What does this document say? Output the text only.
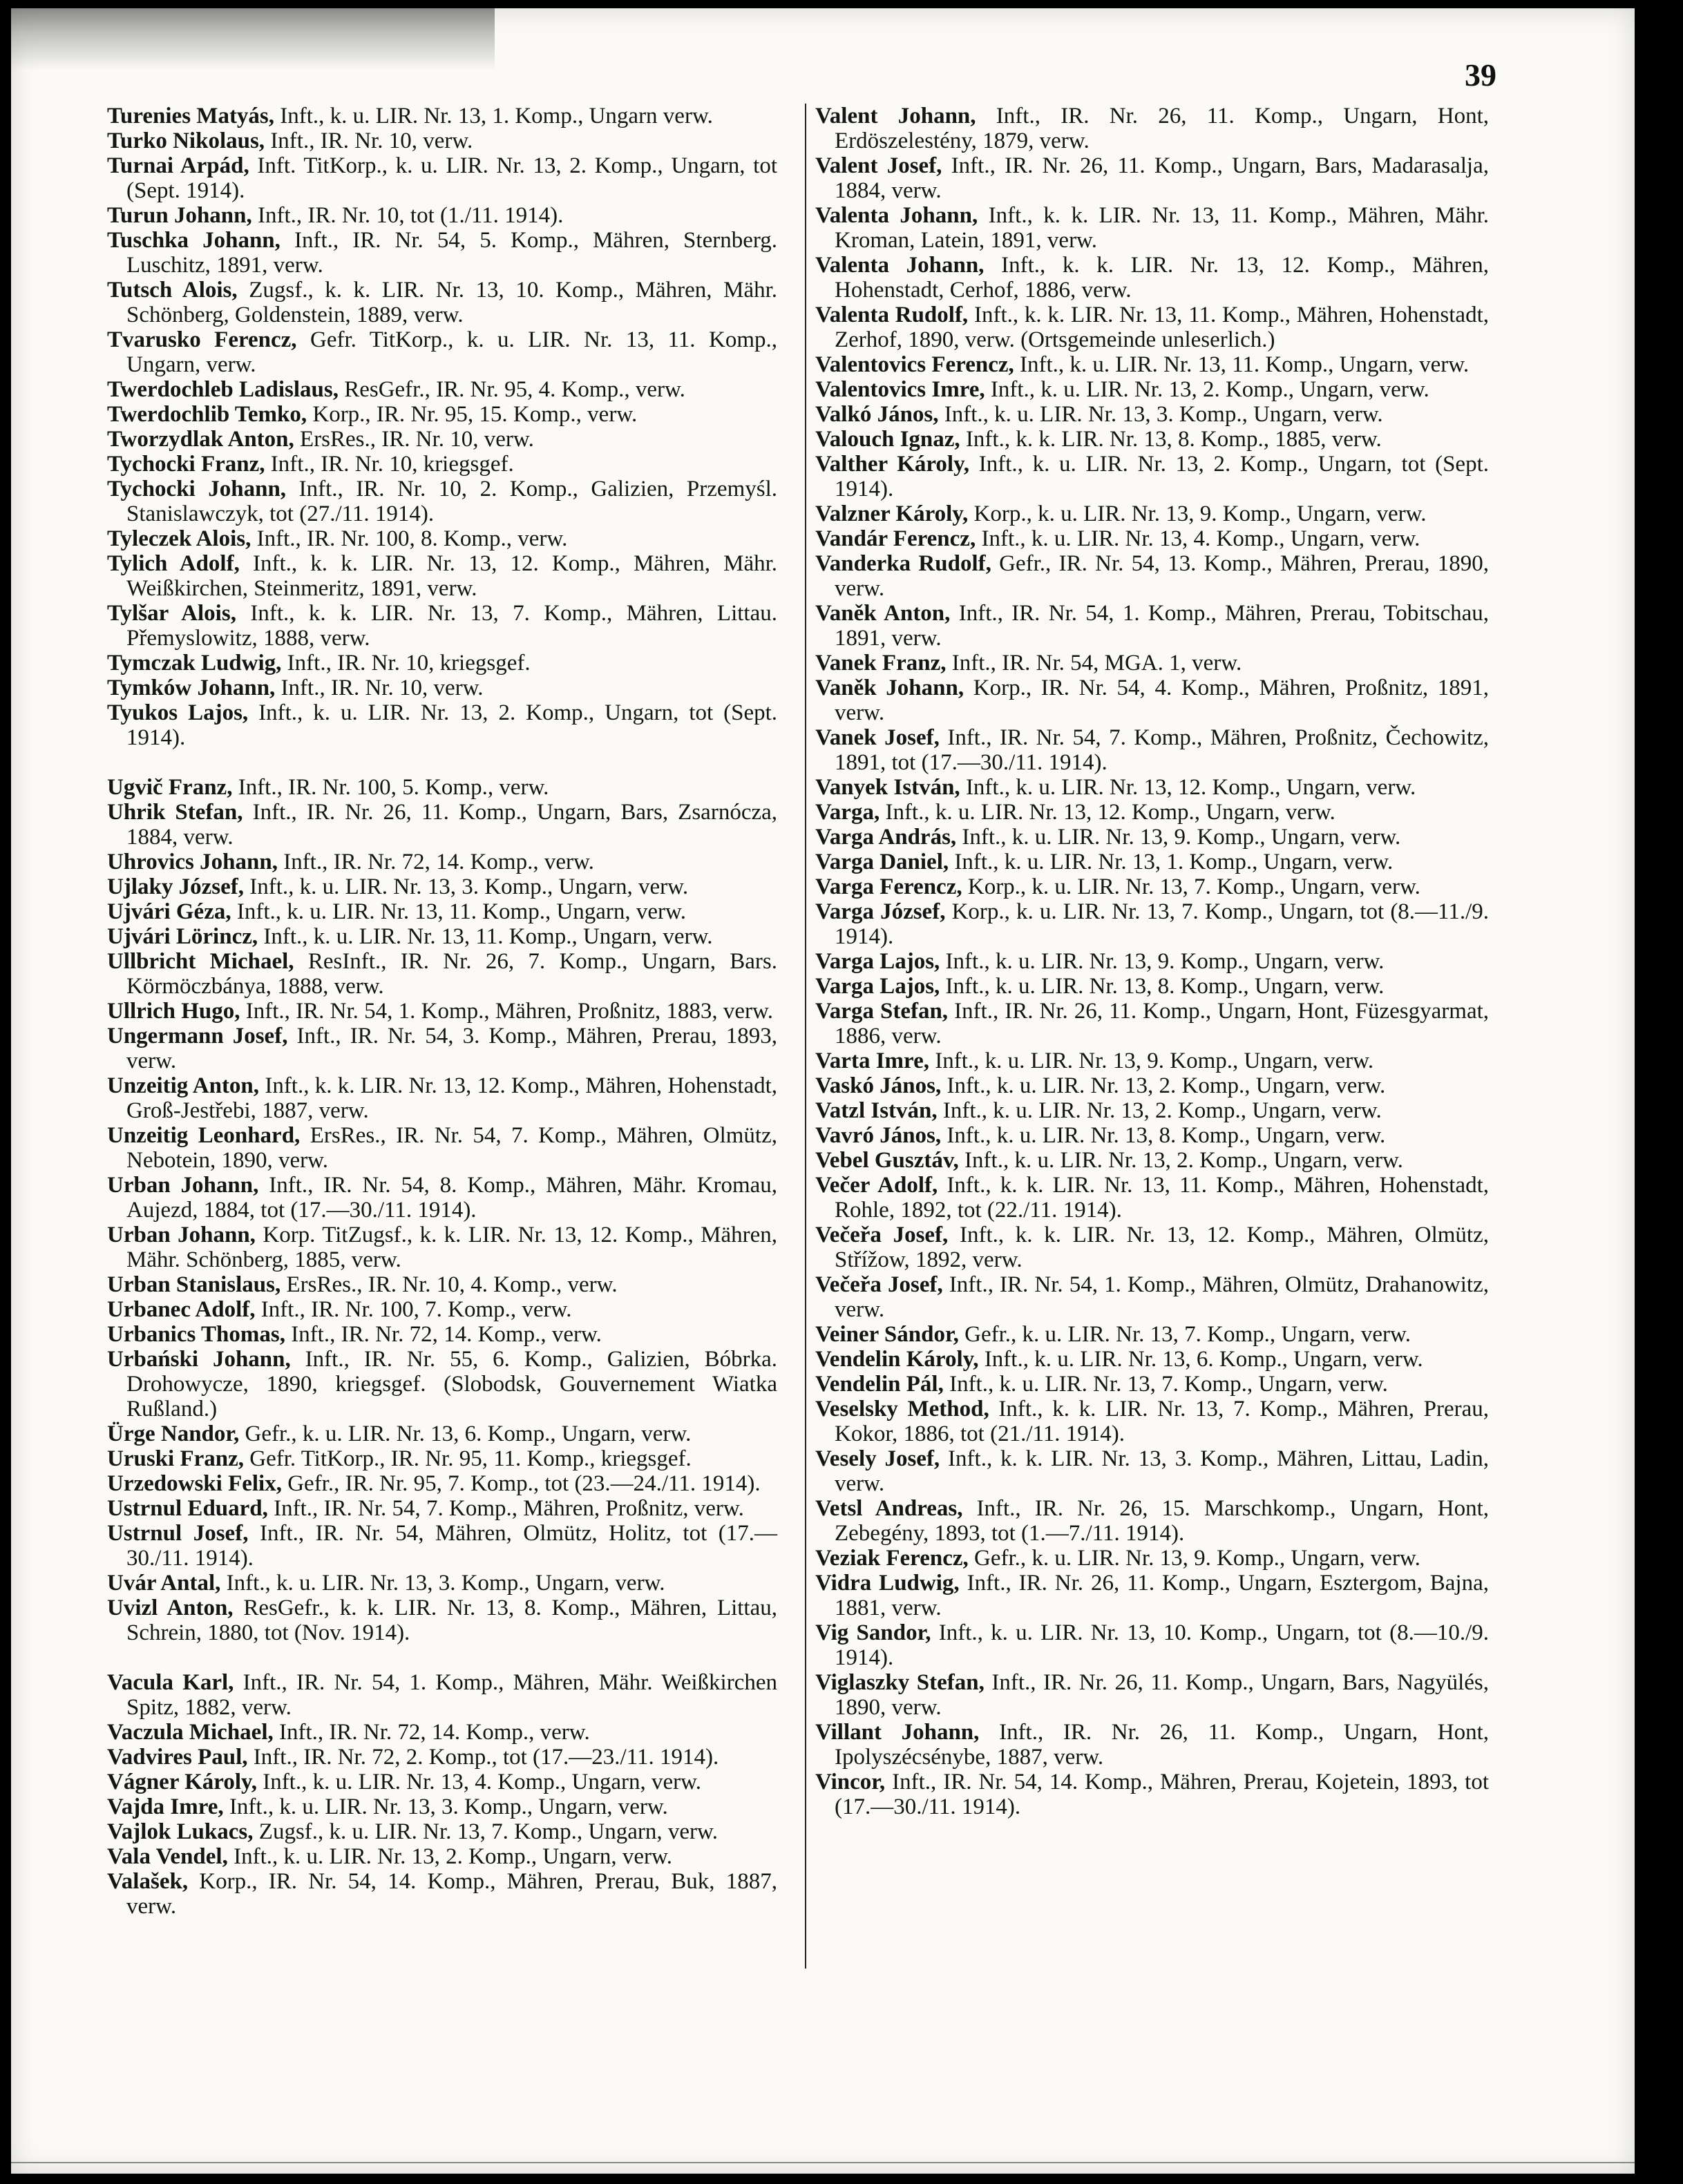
39

Turenies Matyás, Inft., k. u. LIR. Nr. 13, 1. Komp., Ungarn verw.

Turko Nikolaus, Inft., IR. Nr. 10, verw.

Turnai Arpád, Inft. TitKorp., k. u. LIR. Nr. 13, 2. Komp., Ungarn, tot (Sept. 1914).

Turun Johann, Inft., IR. Nr. 10, tot (1./11. 1914).

Tuschka Johann, Inft., IR. Nr. 54, 5. Komp., Mähren, Sternberg. Luschitz, 1891, verw.

Tutsch Alois, Zugsf., k. k. LIR. Nr. 13, 10. Komp., Mähren, Mähr. Schönberg, Goldenstein, 1889, verw.

Tvarusko Ferencz, Gefr. TitKorp., k. u. LIR. Nr. 13, 11. Komp., Ungarn, verw.

Twerdochleb Ladislaus, ResGefr., IR. Nr. 95, 4. Komp., verw.

Twerdochlib Temko, Korp., IR. Nr. 95, 15. Komp., verw.

Tworzydlak Anton, ErsRes., IR. Nr. 10, verw.

Tychocki Franz, Inft., IR. Nr. 10, kriegsgef.

Tychocki Johann, Inft., IR. Nr. 10, 2. Komp., Galizien, Przemyśl. Stanislawczyk, tot (27./11. 1914).

Tyleczek Alois, Inft., IR. Nr. 100, 8. Komp., verw.

Tylich Adolf, Inft., k. k. LIR. Nr. 13, 12. Komp., Mähren, Mähr. Weißkirchen, Steinmeritz, 1891, verw.

Tylšar Alois, Inft., k. k. LIR. Nr. 13, 7. Komp., Mähren, Littau. Přemyslowitz, 1888, verw.

Tymczak Ludwig, Inft., IR. Nr. 10, kriegsgef.

Tymków Johann, Inft., IR. Nr. 10, verw.

Tyukos Lajos, Inft., k. u. LIR. Nr. 13, 2. Komp., Ungarn, tot (Sept. 1914).

Ugvič Franz, Inft., IR. Nr. 100, 5. Komp., verw.

Uhrik Stefan, Inft., IR. Nr. 26, 11. Komp., Ungarn, Bars, Zsarnócza, 1884, verw.

Uhrovics Johann, Inft., IR. Nr. 72, 14. Komp., verw.

Ujlaky József, Inft., k. u. LIR. Nr. 13, 3. Komp., Ungarn, verw.

Ujvári Géza, Inft., k. u. LIR. Nr. 13, 11. Komp., Ungarn, verw.

Ujvári Lörincz, Inft., k. u. LIR. Nr. 13, 11. Komp., Ungarn, verw.

Ullbricht Michael, ResInft., IR. Nr. 26, 7. Komp., Ungarn, Bars. Körmöczbánya, 1888, verw.

Ullrich Hugo, Inft., IR. Nr. 54, 1. Komp., Mähren, Proßnitz, 1883, verw.

Ungermann Josef, Inft., IR. Nr. 54, 3. Komp., Mähren, Prerau, 1893, verw.

Unzeitig Anton, Inft., k. k. LIR. Nr. 13, 12. Komp., Mähren, Hohenstadt, Groß-Jestřebi, 1887, verw.

Unzeitig Leonhard, ErsRes., IR. Nr. 54, 7. Komp., Mähren, Olmütz, Nebotein, 1890, verw.

Urban Johann, Inft., IR. Nr. 54, 8. Komp., Mähren, Mähr. Kromau, Aujezd, 1884, tot (17.—30./11. 1914).

Urban Johann, Korp. TitZugsf., k. k. LIR. Nr. 13, 12. Komp., Mähren, Mähr. Schönberg, 1885, verw.

Urban Stanislaus, ErsRes., IR. Nr. 10, 4. Komp., verw.

Urbanec Adolf, Inft., IR. Nr. 100, 7. Komp., verw.

Urbanics Thomas, Inft., IR. Nr. 72, 14. Komp., verw.

Urbański Johann, Inft., IR. Nr. 55, 6. Komp., Galizien, Bóbrka. Drohowycze, 1890, kriegsgef. (Slobodsk, Gouvernement Wiatka Rußland.)

Ürge Nandor, Gefr., k. u. LIR. Nr. 13, 6. Komp., Ungarn, verw.

Uruski Franz, Gefr. TitKorp., IR. Nr. 95, 11. Komp., kriegsgef.

Urzedowski Felix, Gefr., IR. Nr. 95, 7. Komp., tot (23.—24./11. 1914).

Ustrnul Eduard, Inft., IR. Nr. 54, 7. Komp., Mähren, Proßnitz, verw.

Ustrnul Josef, Inft., IR. Nr. 54, Mähren, Olmütz, Holitz, tot (17.—30./11. 1914).

Uvár Antal, Inft., k. u. LIR. Nr. 13, 3. Komp., Ungarn, verw.

Uvizl Anton, ResGefr., k. k. LIR. Nr. 13, 8. Komp., Mähren, Littau, Schrein, 1880, tot (Nov. 1914).

Vacula Karl, Inft., IR. Nr. 54, 1. Komp., Mähren, Mähr. Weißkirchen Spitz, 1882, verw.

Vaczula Michael, Inft., IR. Nr. 72, 14. Komp., verw.

Vadvires Paul, Inft., IR. Nr. 72, 2. Komp., tot (17.—23./11. 1914).

Vágner Károly, Inft., k. u. LIR. Nr. 13, 4. Komp., Ungarn, verw.

Vajda Imre, Inft., k. u. LIR. Nr. 13, 3. Komp., Ungarn, verw.

Vajlok Lukacs, Zugsf., k. u. LIR. Nr. 13, 7. Komp., Ungarn, verw.

Vala Vendel, Inft., k. u. LIR. Nr. 13, 2. Komp., Ungarn, verw.

Valašek, Korp., IR. Nr. 54, 14. Komp., Mähren, Prerau, Buk, 1887, verw.

Valent Johann, Inft., IR. Nr. 26, 11. Komp., Ungarn, Hont, Erdöszelestény, 1879, verw.

Valent Josef, Inft., IR. Nr. 26, 11. Komp., Ungarn, Bars, Madarasalja, 1884, verw.

Valenta Johann, Inft., k. k. LIR. Nr. 13, 11. Komp., Mähren, Mähr. Kroman, Latein, 1891, verw.

Valenta Johann, Inft., k. k. LIR. Nr. 13, 12. Komp., Mähren, Hohenstadt, Cerhof, 1886, verw.

Valenta Rudolf, Inft., k. k. LIR. Nr. 13, 11. Komp., Mähren, Hohenstadt, Zerhof, 1890, verw. (Ortsgemeinde unleserlich.)

Valentovics Ferencz, Inft., k. u. LIR. Nr. 13, 11. Komp., Ungarn, verw.

Valentovics Imre, Inft., k. u. LIR. Nr. 13, 2. Komp., Ungarn, verw.

Valkó János, Inft., k. u. LIR. Nr. 13, 3. Komp., Ungarn, verw.

Valouch Ignaz, Inft., k. k. LIR. Nr. 13, 8. Komp., 1885, verw.

Valther Károly, Inft., k. u. LIR. Nr. 13, 2. Komp., Ungarn, tot (Sept. 1914).

Valzner Károly, Korp., k. u. LIR. Nr. 13, 9. Komp., Ungarn, verw.

Vandár Ferencz, Inft., k. u. LIR. Nr. 13, 4. Komp., Ungarn, verw.

Vanderka Rudolf, Gefr., IR. Nr. 54, 13. Komp., Mähren, Prerau, 1890, verw.

Vaněk Anton, Inft., IR. Nr. 54, 1. Komp., Mähren, Prerau, Tobitschau, 1891, verw.

Vanek Franz, Inft., IR. Nr. 54, MGA. 1, verw.

Vaněk Johann, Korp., IR. Nr. 54, 4. Komp., Mähren, Proßnitz, 1891, verw.

Vanek Josef, Inft., IR. Nr. 54, 7. Komp., Mähren, Proßnitz, Čechowitz, 1891, tot (17.—30./11. 1914).

Vanyek István, Inft., k. u. LIR. Nr. 13, 12. Komp., Ungarn, verw.

Varga, Inft., k. u. LIR. Nr. 13, 12. Komp., Ungarn, verw.

Varga András, Inft., k. u. LIR. Nr. 13, 9. Komp., Ungarn, verw.

Varga Daniel, Inft., k. u. LIR. Nr. 13, 1. Komp., Ungarn, verw.

Varga Ferencz, Korp., k. u. LIR. Nr. 13, 7. Komp., Ungarn, verw.

Varga József, Korp., k. u. LIR. Nr. 13, 7. Komp., Ungarn, tot (8.—11./9. 1914).

Varga Lajos, Inft., k. u. LIR. Nr. 13, 9. Komp., Ungarn, verw.

Varga Lajos, Inft., k. u. LIR. Nr. 13, 8. Komp., Ungarn, verw.

Varga Stefan, Inft., IR. Nr. 26, 11. Komp., Ungarn, Hont, Füzesgyarmat, 1886, verw.

Varta Imre, Inft., k. u. LIR. Nr. 13, 9. Komp., Ungarn, verw.

Vaskó János, Inft., k. u. LIR. Nr. 13, 2. Komp., Ungarn, verw.

Vatzl István, Inft., k. u. LIR. Nr. 13, 2. Komp., Ungarn, verw.

Vavró János, Inft., k. u. LIR. Nr. 13, 8. Komp., Ungarn, verw.

Vebel Gusztáv, Inft., k. u. LIR. Nr. 13, 2. Komp., Ungarn, verw.

Večer Adolf, Inft., k. k. LIR. Nr. 13, 11. Komp., Mähren, Hohenstadt, Rohle, 1892, tot (22./11. 1914).

Večeřa Josef, Inft., k. k. LIR. Nr. 13, 12. Komp., Mähren, Olmütz, Střížow, 1892, verw.

Večeřa Josef, Inft., IR. Nr. 54, 1. Komp., Mähren, Olmütz, Drahanowitz, verw.

Veiner Sándor, Gefr., k. u. LIR. Nr. 13, 7. Komp., Ungarn, verw.

Vendelin Károly, Inft., k. u. LIR. Nr. 13, 6. Komp., Ungarn, verw.

Vendelin Pál, Inft., k. u. LIR. Nr. 13, 7. Komp., Ungarn, verw.

Veselsky Method, Inft., k. k. LIR. Nr. 13, 7. Komp., Mähren, Prerau, Kokor, 1886, tot (21./11. 1914).

Vesely Josef, Inft., k. k. LIR. Nr. 13, 3. Komp., Mähren, Littau, Ladin, verw.

Vetsl Andreas, Inft., IR. Nr. 26, 15. Marschkomp., Ungarn, Hont, Zebegény, 1893, tot (1.—7./11. 1914).

Veziak Ferencz, Gefr., k. u. LIR. Nr. 13, 9. Komp., Ungarn, verw.

Vidra Ludwig, Inft., IR. Nr. 26, 11. Komp., Ungarn, Esztergom, Bajna, 1881, verw.

Vig Sandor, Inft., k. u. LIR. Nr. 13, 10. Komp., Ungarn, tot (8.—10./9. 1914).

Viglaszky Stefan, Inft., IR. Nr. 26, 11. Komp., Ungarn, Bars, Nagyülés, 1890, verw.

Villant Johann, Inft., IR. Nr. 26, 11. Komp., Ungarn, Hont, Ipolyszécsénybe, 1887, verw.

Vincor, Inft., IR. Nr. 54, 14. Komp., Mähren, Prerau, Kojetein, 1893, tot (17.—30./11. 1914).
